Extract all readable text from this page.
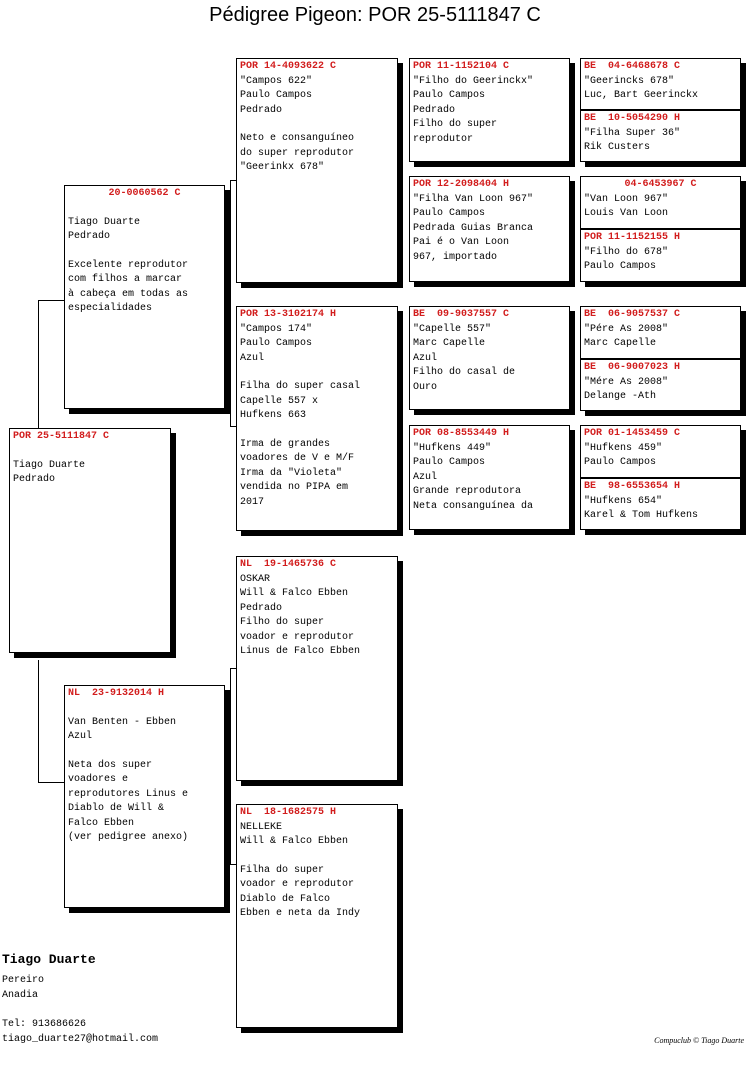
Pédigree Pigeon: POR 25-5111847 C
POR 25-5111847 C
Tiago Duarte
Pedrado
20-0060562 C
Tiago Duarte
Pedrado
Excelente reprodutor
com filhos a marcar
à cabeça em todas as
especialidades
NL  23-9132014 H
Van Benten - Ebben
Azul
Neta dos super
voadores e
reprodutores Linus e
Diablo de Will &
Falco Ebben
(ver pedigree anexo)
POR 14-4093622 C
"Campos 622"
Paulo Campos
Pedrado
Neto e consanguíneo
do super reprodutor
"Geerinkx 678"
POR 13-3102174 H
"Campos 174"
Paulo Campos
Azul
Filha do super casal
Capelle 557 x
Hufkens 663
Irma de grandes
voadores de V e M/F
Irma da "Violeta"
vendida no PIPA em
2017
NL  19-1465736 C
OSKAR
Will & Falco Ebben
Pedrado
Filho do super
voador e reprodutor
Linus de Falco Ebben
NL  18-1682575 H
NELLEKE
Will & Falco Ebben
Filha do super
voador e reprodutor
Diablo de Falco
Ebben e neta da Indy
POR 11-1152104 C
"Filho do Geerinckx"
Paulo Campos
Pedrado
Filho do super
reprodutor
POR 12-2098404 H
"Filha Van Loon 967"
Paulo Campos
Pedrada Guias Branca
Pai é o Van Loon
967, importado
BE  09-9037557 C
"Capelle 557"
Marc Capelle
Azul
Filho do casal de
Ouro
POR 08-8553449 H
"Hufkens 449"
Paulo Campos
Azul
Grande reprodutora
Neta consanguínea da
BE  04-6468678 C
"Geerincks 678"
Luc, Bart Geerinckx
BE  10-5054290 H
"Filha Super 36"
Rik Custers
04-6453967 C
"Van Loon 967"
Louis Van Loon
POR 11-1152155 H
"Filho do 678"
Paulo Campos
BE  06-9057537 C
"Pére As 2008"
Marc Capelle
BE  06-9007023 H
"Mére As 2008"
Delange -Ath
POR 01-1453459 C
"Hufkens 459"
Paulo Campos
BE  98-6553654 H
"Hufkens 654"
Karel & Tom Hufkens
Tiago Duarte
Pereiro
Anadia
Tel: 913686626
tiago_duarte27@hotmail.com	Compuclub © Tiago Duarte
